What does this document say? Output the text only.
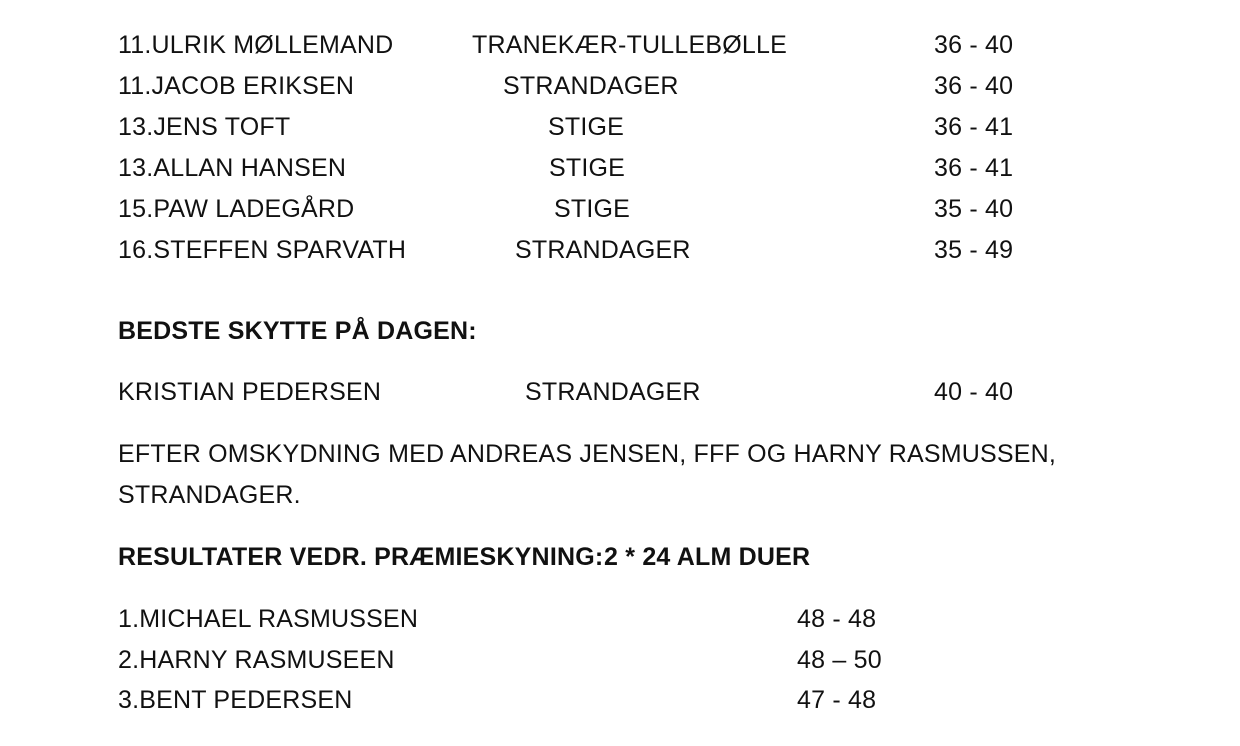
11.ULRIK MØLLEMAND	TRANEKÆR-TULLEBØLLE	36 - 40
11.JACOB ERIKSEN	STRANDAGER	36 - 40
13.JENS TOFT	STIGE	36 - 41
13.ALLAN HANSEN	STIGE	36 - 41
15.PAW LADEGÅRD	STIGE	35 - 40
16.STEFFEN SPARVATH	STRANDAGER	35 - 49
BEDSTE SKYTTE PÅ DAGEN:
KRISTIAN PEDERSEN	STRANDAGER	40 - 40
EFTER OMSKYDNING MED ANDREAS JENSEN, FFF OG HARNY RASMUSSEN,
STRANDAGER.
RESULTATER VEDR. PRÆMIESKYNING: 2 * 24 ALM DUER
1.MICHAEL RASMUSSEN	48 - 48
2.HARNY RASMUSEEN	48 – 50
3.BENT PEDERSEN	47 - 48
